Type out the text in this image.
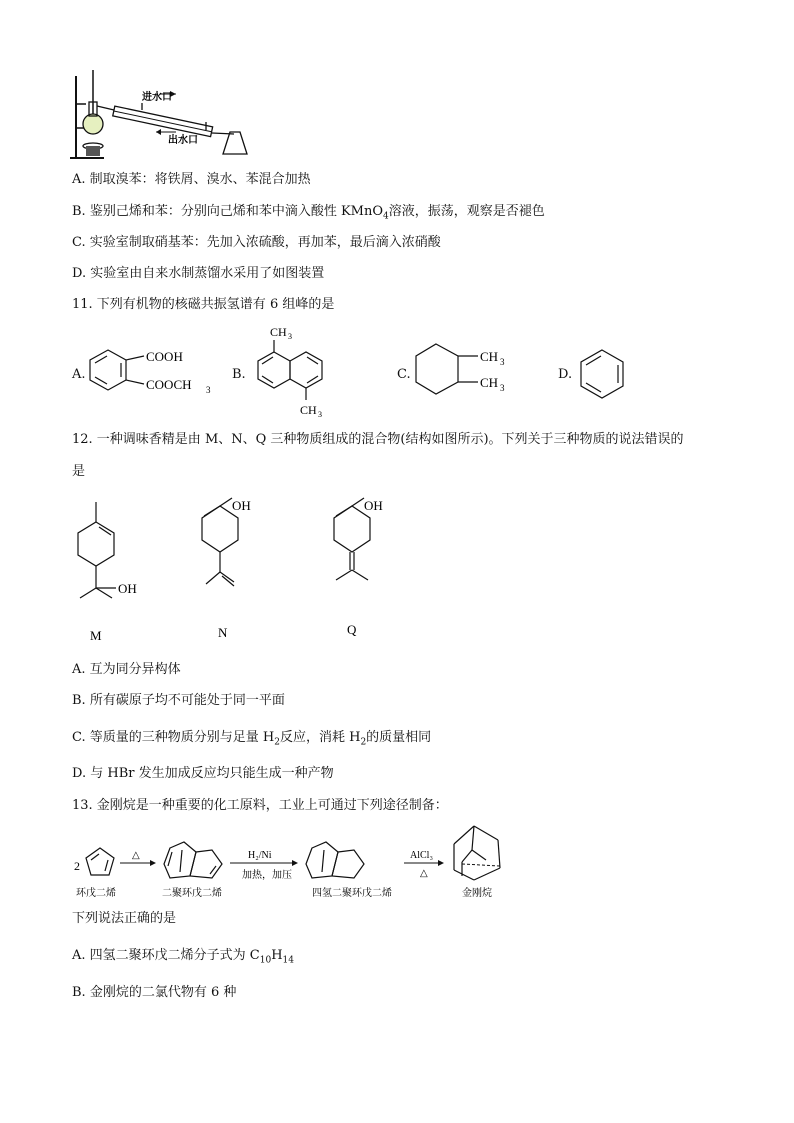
进水口
出水口
A. 制取溴苯：将铁屑、溴水、苯混合加热
B. 鉴别己烯和苯：分别向己烯和苯中滴入酸性 KMnO$_4$溶液，振荡，观察是否褪色
C. 实验室制取硝基苯：先加入浓硫酸，再加苯，最后滴入浓硝酸
D. 实验室由自来水制蒸馏水采用了如图装置
11. 下列有机物的核磁共振氢谱有 6 组峰的是
A.
COOH
COOCH 3
B.
CH 3
CH 3
C.
CH 3
CH 3
D.
12. 一种调味香精是由 M、N、Q 三种物质组成的混合物(结构如图所示)。下列关于三种物质的说法错误的
是
OH
M
OH
N
OH
Q
A. 互为同分异构体
B. 所有碳原子均不可能处于同一平面
C. 等质量的三种物质分别与足量 $H_2$反应，消耗 $H_2$的质量相同
D. 与 HBr 发生加成反应均只能生成一种产物
13. 金刚烷是一种重要的化工原料，工业上可通过下列途径制备：
2
环戊二烯
△
二聚环戊二烯
H₂/Ni
加热，加压
四氢二聚环戊二烯
AlCl₃
△
金刚烷
下列说法正确的是
A. 四氢二聚环戊二烯分子式为 $C_{10}H_{14}$
B. 金刚烷的二氯代物有 6 种
